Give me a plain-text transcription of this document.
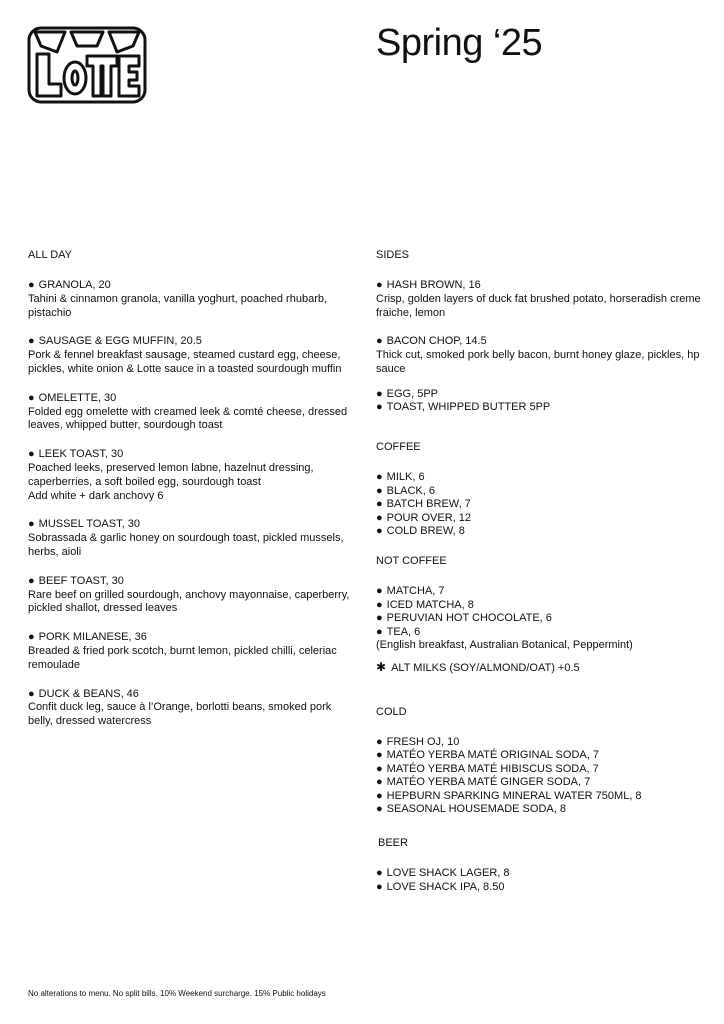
Spring ‘25
ALL DAY
● GRANOLA, 20
Tahini & cinnamon granola, vanilla yoghurt, poached rhubarb, pistachio
● SAUSAGE & EGG MUFFIN, 20.5
Pork & fennel breakfast sausage, steamed custard egg, cheese, pickles, white onion & Lotte sauce in a toasted sourdough muffin
● OMELETTE, 30
Folded egg omelette with creamed leek & comté cheese, dressed leaves, whipped butter, sourdough toast
● LEEK TOAST, 30
Poached leeks, preserved lemon labne, hazelnut dressing, caperberries, a soft boiled egg, sourdough toast
Add white + dark anchovy 6
● MUSSEL TOAST, 30
Sobrassada & garlic honey on sourdough toast, pickled mussels, herbs, aioli
● BEEF TOAST, 30
Rare beef on grilled sourdough, anchovy mayonnaise, caperberry, pickled shallot, dressed leaves
● PORK MILANESE, 36
Breaded & fried pork scotch, burnt lemon, pickled chilli, celeriac remoulade
● DUCK & BEANS, 46
Confit duck leg, sauce à l’Orange, borlotti beans, smoked pork belly, dressed watercress
SIDES
● HASH BROWN, 16
Crisp, golden layers of duck fat brushed potato, horseradish creme fraiche, lemon
● BACON CHOP, 14.5
Thick cut, smoked pork belly bacon, burnt honey glaze, pickles, hp sauce
● EGG, 5PP
● TOAST, WHIPPED BUTTER 5PP
COFFEE
● MILK, 6
● BLACK, 6
● BATCH BREW, 7
● POUR OVER, 12
● COLD BREW, 8
NOT COFFEE
● MATCHA, 7
● ICED MATCHA, 8
● PERUVIAN HOT CHOCOLATE, 6
● TEA, 6
(English breakfast, Australian Botanical, Peppermint)
✱ ALT MILKS (SOY/ALMOND/OAT) +0.5
COLD
● FRESH OJ, 10
● MATÉO YERBA MATÉ ORIGINAL SODA, 7
● MATÉO YERBA MATÉ HIBISCUS SODA, 7
● MATÉO YERBA MATÉ GINGER SODA, 7
● HEPBURN SPARKING MINERAL WATER 750ML, 8
● SEASONAL HOUSEMADE SODA, 8
BEER
● LOVE SHACK LAGER, 8
● LOVE SHACK IPA, 8.50
No alterations to menu. No split bills. 10% Weekend surcharge. 15% Public holidays
